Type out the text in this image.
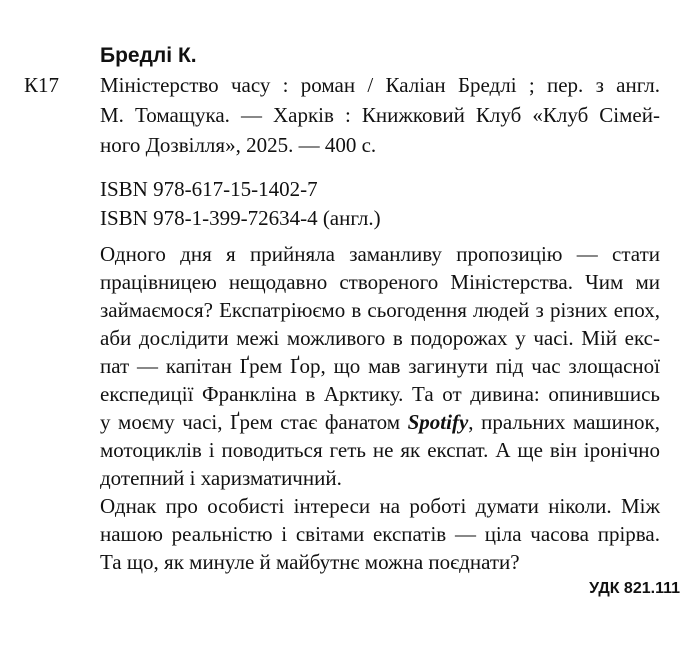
Бредлі К.
К17 Міністерство часу : роман / Каліан Бредлі ; пер. з англ.
М. Томащука. — Харків : Книжковий Клуб «Клуб Сімей-
ного Дозвілля», 2025. — 400 с.
ISBN 978-617-15-1402-7
ISBN 978-1-399-72634-4 (англ.)
Одного дня я прийняла заманливу пропозицію — стати
працівницею нещодавно створеного Міністерства. Чим ми
займаємося? Експатріюємо в сьогодення людей з різних епох,
аби дослідити межі можливого в подорожах у часі. Мій екс-
пат — капітан Ґрем Ґор, що мав загинути під час злощасної
експедиції Франкліна в Арктику. Та от дивина: опинившись
у моєму часі, Ґрем стає фанатом Spotify, пральних машинок,
мотоциклів і поводиться геть не як експат. А ще він іронічно
дотепний і харизматичний.
Однак про особисті інтереси на роботі думати ніколи. Між
нашою реальністю і світами експатів — ціла часова прірва.
Та що, як минуле й майбутнє можна поєднати?
УДК 821.111
